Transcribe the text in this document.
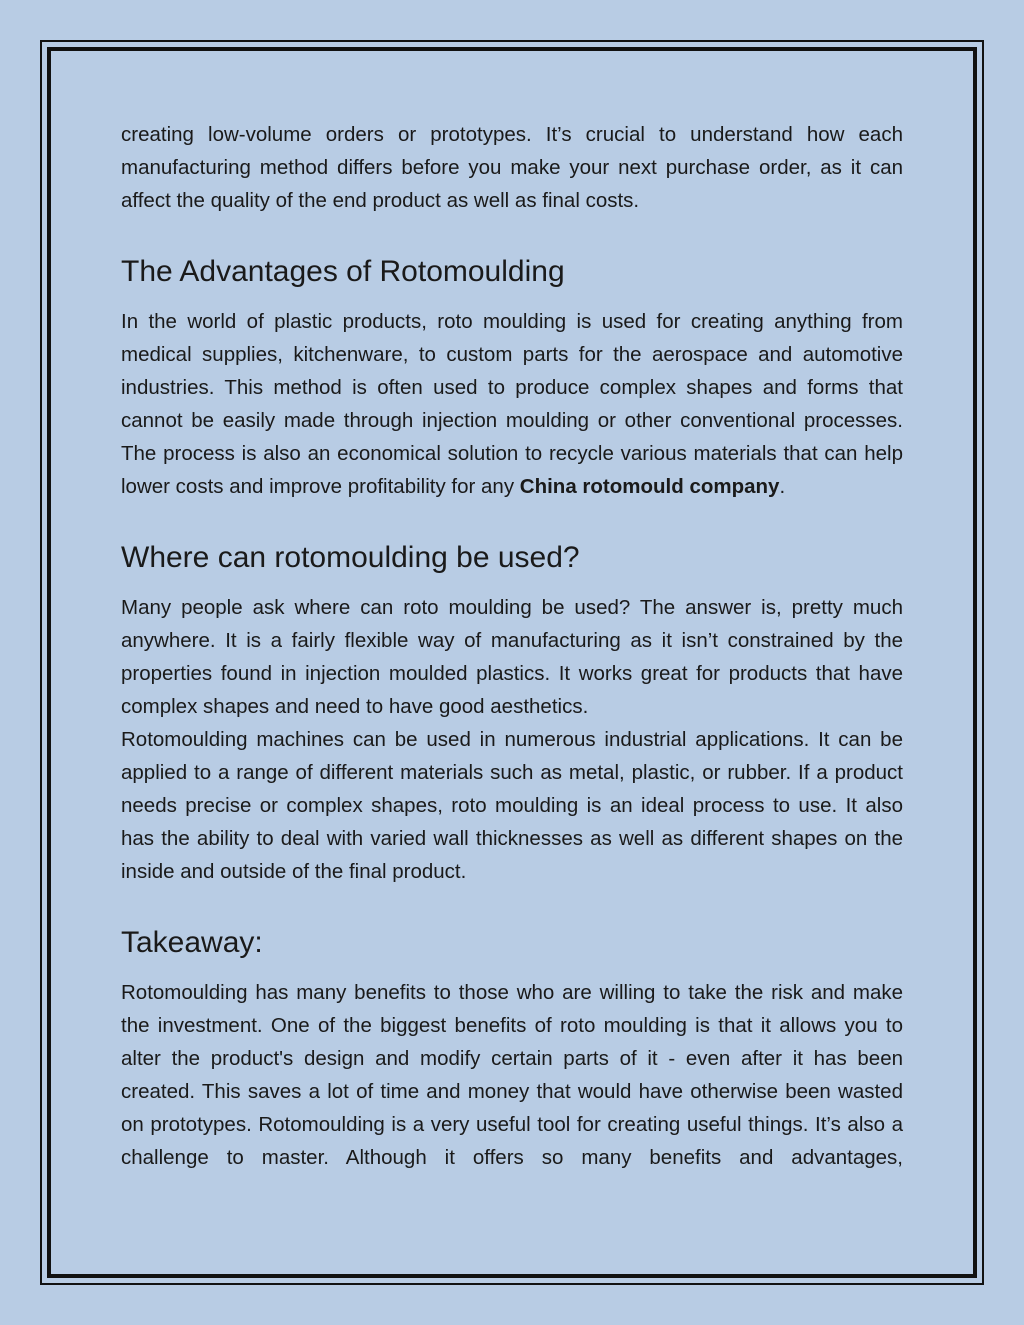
creating low-volume orders or prototypes. It’s crucial to understand how each manufacturing method differs before you make your next purchase order, as it can affect the quality of the end product as well as final costs.

The Advantages of Rotomoulding

In the world of plastic products, roto moulding is used for creating anything from medical supplies, kitchenware, to custom parts for the aerospace and automotive industries. This method is often used to produce complex shapes and forms that cannot be easily made through injection moulding or other conventional processes. The process is also an economical solution to recycle various materials that can help lower costs and improve profitability for any China rotomould company.

Where can rotomoulding be used?

Many people ask where can roto moulding be used? The answer is, pretty much anywhere. It is a fairly flexible way of manufacturing as it isn’t constrained by the properties found in injection moulded plastics. It works great for products that have complex shapes and need to have good aesthetics.

Rotomoulding machines can be used in numerous industrial applications. It can be applied to a range of different materials such as metal, plastic, or rubber. If a product needs precise or complex shapes, roto moulding is an ideal process to use. It also has the ability to deal with varied wall thicknesses as well as different shapes on the inside and outside of the final product.

Takeaway:

Rotomoulding has many benefits to those who are willing to take the risk and make the investment. One of the biggest benefits of roto moulding is that it allows you to alter the product's design and modify certain parts of it - even after it has been created. This saves a lot of time and money that would have otherwise been wasted on prototypes. Rotomoulding is a very useful tool for creating useful things. It’s also a challenge to master. Although it offers so many benefits and advantages,
